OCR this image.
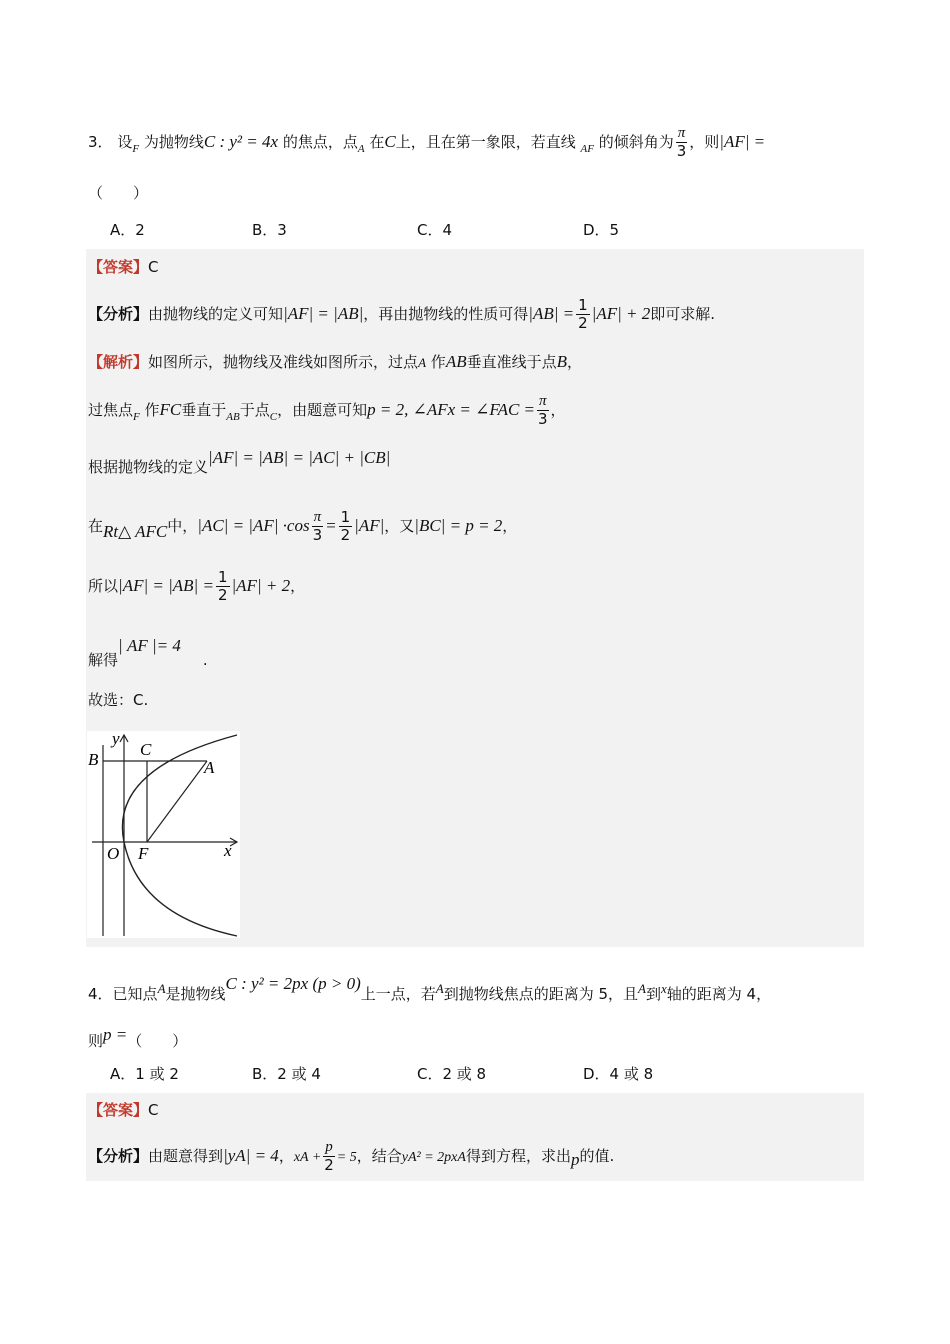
3． 设$_F$ 为抛物线C : y² = 4x 的焦点，点$_A$ 在C上，且在第一象限，若直线 $_{AF}$ 的倾斜角为 $\frac{\pi}{3}$ ，则|AF| =
（　　）
A．2	B．3	C．4	D．5
【答案】C
【分析】由抛物线的定义可知|AF| = |AB|，再由抛物线的性质可得$|AB| = \frac{1}{2} |AF| + 2$即可求解.
【解析】如图所示，抛物线及准线如图所示，过点A 作AB垂直准线于点B，
过焦点$_F$ 作FC垂直于$_{AB}$于点$_C$，由题意可知p = 2, ∠AFx = ∠FAC = $\frac{\pi}{3}$ ，
根据抛物线的定义|AF| = |AB| = |AC| + |CB|
在Rt△ AFC中，$|AC| = |AF| \cdot\cos \frac{\pi}{3} = \frac{1}{2} |AF|$，又|BC| = p = 2，
所以$|AF| = |AB| = \frac{1}{2} |AF| + 2$，
解得| AF |= 4.
故选：C.
y
B
C
A
O F	x
4．已知点A是抛物线C : y² = 2px (p > 0)上一点，若A到抛物线焦点的距离为 5，且A到x轴的距离为 4，
则p =（　　）
A．1 或 2	B．2 或 4	C．2 或 8	D．4 或 8
【答案】C
【分析】由题意得到|yA| = 4，xA + $\frac{p}{2} = 5$，结合yA² = 2pxA得到方程，求出p的值.
